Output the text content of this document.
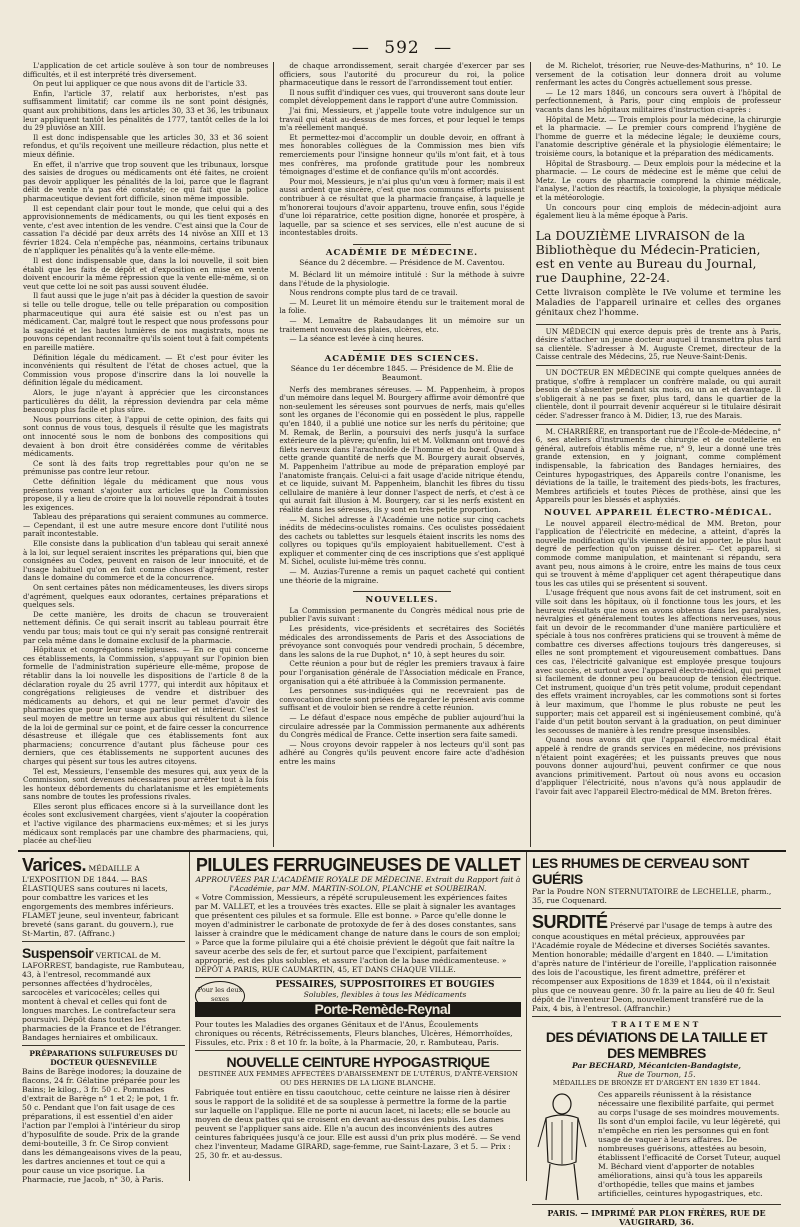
— 592 —

L'application de cet article soulève à son tour de nombreuses difficultés, et il est interprété très diversement.

On peut lui appliquer ce que nous avons dit de l'article 33.

Enfin, l'article 37, relatif aux herboristes, n'est pas suffisamment limitatif; car comme ils ne sont point désignés, quant aux prohibitions, dans les articles 30, 33 et 36, les tribunaux leur appliquent tantôt les pénalités de 1777, tantôt celles de la loi du 29 pluviôse an XIII.

Il est donc indispensable que les articles 30, 33 et 36 soient refondus, et qu'ils reçoivent une meilleure rédaction, plus nette et mieux définie.

En effet, il n'arrive que trop souvent que les tribunaux, lorsque des saisies de drogues ou médicaments ont été faites, ne croient pas devoir appliquer les pénalités de la loi, parce que le flagrant délit de vente n'a pas été constaté; ce qui fait que la police pharmaceutique devient fort difficile, sinon même impossible.

Il est cependant clair pour tout le monde, que celui qui a des approvisionnements de médicaments, ou qui les tient exposés en vente, c'est avec intention de les vendre. C'est ainsi que la Cour de cassation l'a décidé par deux arrêts des 14 nivôse an XIII et 13 février 1824. Cela n'empêche pas, néanmoins, certains tribunaux de n'appliquer les pénalités qu'à la vente elle-même.

Il est donc indispensable que, dans la loi nouvelle, il soit bien établi que les faits de dépôt et d'exposition en mise en vente doivent encourir la même répression que la vente elle-même, si on veut que cette loi ne soit pas aussi souvent éludée.

Il faut aussi que le juge n'ait pas à décider la question de savoir si telle ou telle drogue, telle ou telle préparation ou composition pharmaceutique qui aura été saisie est ou n'est pas un médicament. Car, malgré tout le respect que nous professons pour la sagacité et les hautes lumières de nos magistrats, nous ne pouvons cependant reconnaître qu'ils soient tout à fait compétents en pareille matière.

Définition légale du médicament. — Et c'est pour éviter les inconvénients qui résultent de l'état de choses actuel, que la Commission vous propose d'inscrire dans la loi nouvelle la définition légale du médicament.

Alors, le juge n'ayant à apprécier que les circonstances particulières du délit, la répression deviendra par cela même beaucoup plus facile et plus sûre.

Nous pourrions citer, à l'appui de cette opinion, des faits qui sont connus de vous tous, desquels il résulte que les magistrats ont innocenté sous le nom de bonbons des compositions qui devaient à bon droit être considérées comme de véritables médicaments.

Ce sont là des faits trop regrettables pour qu'on ne se prémunisse pas contre leur retour.

Cette définition légale du médicament que nous vous présentons venant s'ajouter aux articles que la Commission propose, il y a lieu de croire que la loi nouvelle répondrait à toutes les exigences.

Tableau des préparations qui seraient communes au commerce. — Cependant, il est une autre mesure encore dont l'utilité nous paraît incontestable.

Elle consiste dans la publication d'un tableau qui serait annexé à la loi, sur lequel seraient inscrites les préparations qui, bien que consignées au Codex, peuvent en raison de leur innocuité, et de l'usage habituel qu'on en fait comme choses d'agrément, rester dans le domaine du commerce et de la concurrence.

On sent certaines pâtes non médicamenteuses, les divers sirops d'agrément, quelques eaux odorantes, certaines préparations et quelques sels.

De cette manière, les droits de chacun se trouveraient nettement définis. Ce qui serait inscrit au tableau pourrait être vendu par tous; mais tout ce qui n'y serait pas consigné rentrerait par cela même dans le domaine exclusif de la pharmacie.

Hôpitaux et congrégations religieuses. — En ce qui concerne ces établissements, la Commission, s'appuyant sur l'opinion bien formelle de l'administration supérieure elle-même, propose de rétablir dans la loi nouvelle les dispositions de l'article 8 de la déclaration royale du 25 avril 1777, qui interdit aux hôpitaux et congrégations religieuses de vendre et distribuer des médicaments au dehors, et qui ne leur permet d'avoir des pharmacies que pour leur usage particulier et intérieur. C'est le seul moyen de mettre un terme aux abus qui résultent du silence de la loi de germinal sur ce point, et de faire cesser la concurrence désastreuse et illégale que ces établissements font aux pharmaciens; concurrence d'autant plus fâcheuse pour ces derniers, que ces établissements ne supportent aucunes des charges qui pèsent sur tous les autres citoyens.

Tel est, Messieurs, l'ensemble des mesures qui, aux yeux de la Commission, sont devenues nécessaires pour arrêter tout à la fois les honteux débordements du charlatanisme et les empiètements sans nombre de toutes les professions rivales.

Elles seront plus efficaces encore si à la surveillance dont les écoles sont exclusivement chargées, vient s'ajouter la coopération et l'active vigilance des pharmaciens eux-mêmes; et si les jurys médicaux sont remplacés par une chambre des pharmaciens, qui, placée au chef-lieu

de chaque arrondissement, serait chargée d'exercer par ses officiers, sous l'autorité du procureur du roi, la police pharmaceutique dans le ressort de l'arrondissement tout entier.

Il nous suffit d'indiquer ces vues, qui trouveront sans doute leur complet développement dans le rapport d'une autre Commission.

J'ai fini, Messieurs, et j'appelle toute votre indulgence sur un travail qui était au-dessus de mes forces, et pour lequel le temps m'a réellement manqué.

Et permettez-moi d'accomplir un double devoir, en offrant à mes honorables collègues de la Commission mes bien vifs remerciements pour l'insigne honneur qu'ils m'ont fait, et à tous mes confrères, ma profonde gratitude pour les nombreux témoignages d'estime et de confiance qu'ils m'ont accordés.

Pour moi, Messieurs, je n'ai plus qu'un vœu à former; mais il est aussi ardent que sincère, c'est que nos communs efforts puissent contribuer à ce résultat que la pharmacie française, à laquelle je m'honorerai toujours d'avoir appartenu, trouve enfin, sous l'égide d'une loi réparatrice, cette position digne, honorée et prospère, à laquelle, par sa science et ses services, elle n'est aucune de si incontestables droits.

ACADÉMIE DE MÉDECINE.
Séance du 2 décembre. — Présidence de M. Caventou.

M. Béclard lit un mémoire intitulé : Sur la méthode à suivre dans l'étude de la physiologie.

Nous rendrons compte plus tard de ce travail.

— M. Leuret lit un mémoire étendu sur le traitement moral de la folie.

— M. Lemaître de Rabaudanges lit un mémoire sur un traitement nouveau des plaies, ulcères, etc.

— La séance est levée à cinq heures.

ACADÉMIE DES SCIENCES.
Séance du 1er décembre 1845. — Présidence de M. Élie de Beaumont.

Nerfs des membranes séreuses. — M. Pappenheim, à propos d'un mémoire dans lequel M. Bourgery affirme avoir démontré que non-seulement les séreuses sont pourvues de nerfs, mais qu'elles sont les organes de l'économie qui en possèdent le plus, rappelle qu'en 1840, il a publié une notice sur les nerfs du péritoine; que M. Remak, de Berlin, a poursuivi des nerfs jusqu'à la surface extérieure de la plèvre; qu'enfin, lui et M. Volkmann ont trouvé des filets nerveux dans l'arachnoïde de l'homme et du bœuf. Quand à cette grande quantité de nerfs que M. Bourgery aurait observés, M. Pappenheim l'attribue au mode de préparation employé par l'anatomiste français. Celui-ci a fait usage d'acide nitrique étendu, et ce liquide, suivant M. Pappenheim, blanchit les fibres du tissu cellulaire de manière à leur donner l'aspect de nerfs, et c'est à ce qui aurait fait illusion à M. Bourgery, car si les nerfs existent en réalité dans les séreuses, ils y sont en très petite proportion.

— M. Sichel adresse à l'Académie une notice sur cinq cachets inédits de médecins-oculistes romains. Ces oculistes possédaient des cachets ou tablettes sur lesquels étaient inscrits les noms des collyres ou topiques qu'ils employaient habituellement. C'est à expliquer et commenter cinq de ces inscriptions que s'est appliqué M. Sichel, oculiste lui-même très connu.

— M. Auzias-Turenne a remis un paquet cacheté qui contient une théorie de la migraine.

NOUVELLES.

La Commission permanente du Congrès médical nous prie de publier l'avis suivant :

Les présidents, vice-présidents et secrétaires des Sociétés médicales des arrondissements de Paris et des Associations de prévoyance sont convoqués pour vendredi prochain, 5 décembre, dans les salons de la rue Duphot, n° 10, à sept heures du soir.

Cette réunion a pour but de régler les premiers travaux à faire pour l'organisation générale de l'Association médicale en France, organisation qui a été attribuée à la Commission permanente.

Les personnes sus-indiquées qui ne recevraient pas de convocation directe sont priées de regarder le présent avis comme suffisant et de vouloir bien se rendre à cette réunion.

— Le défaut d'espace nous empêche de publier aujourd'hui la circulaire adressée par la Commission permanente aux adhérents du Congrès médical de France. Cette insertion sera faite samedi.

— Nous croyons devoir rappeler à nos lecteurs qu'il sont pas adhéré au Congrès qu'ils peuvent encore faire acte d'adhésion entre les mains

de M. Richelot, trésorier, rue Neuve-des-Mathurins, n° 10. Le versement de la cotisation leur donnera droit au volume renfermant les actes du Congrès actuellement sous presse.

— Le 12 mars 1846, un concours sera ouvert à l'hôpital de perfectionnement, à Paris, pour cinq emplois de professeur vacants dans les hôpitaux militaires d'instruction ci-après :

Hôpital de Metz. — Trois emplois pour la médecine, la chirurgie et la pharmacie. — Le premier cours comprend l'hygiène de l'homme de guerre et la médecine légale; le deuxième cours, l'anatomie descriptive générale et la physiologie élémentaire; le troisième cours, la botanique et la préparation des médicaments.

Hôpital de Strasbourg. — Deux emplois pour la médecine et la pharmacie. — Le cours de médecine est le même que celui de Metz. Le cours de pharmacie comprend la chimie médicale, l'analyse, l'action des réactifs, la toxicologie, la physique médicale et la météorologie.

Un concours pour cinq emplois de médecin-adjoint aura également lieu à la même époque à Paris.

La DOUZIÈME LIVRAISON de la Bibliothèque du Médecin-Praticien, est en vente au Bureau du Journal, rue Dauphine, 22-24.
Cette livraison complète le IVe volume et termine les Maladies de l'appareil urinaire et celles des organes génitaux chez l'homme.

UN MÉDECIN qui exerce depuis près de trente ans à Paris, désire s'attacher un jeune docteur auquel il transmettra plus tard sa clientèle. S'adresser à M. Auguste Cremet, directeur de la Caisse centrale des Médecins, 25, rue Neuve-Saint-Denis.

UN DOCTEUR EN MÉDECINE qui compte quelques années de pratique, s'offre à remplacer un confrère malade, ou qui aurait besoin de s'absenter pendant six mois, ou un an et davantage. Il s'obligerait à ne pas se fixer, plus tard, dans le quartier de la clientèle, dont il pourrait devenir acquéreur si le titulaire désirait céder. S'adresser franco à M. Didier, 13, rue des Marais.

M. CHARRIÈRE, en transportant rue de l'École-de-Médecine, n° 6, ses ateliers d'instruments de chirurgie et de coutellerie en général, autrefois établis même rue, n° 9, leur a donné une très grande extension, en y joignant, comme complément indispensable, la fabrication des Bandages herniaires, des Ceintures hypogastriques, des Appareils contre l'onanisme, les déviations de la taille, le traitement des pieds-bots, les fractures, Membres artificiels et toutes Pièces de prothèse, ainsi que les Appareils pour les blessés et asphyxiés.

NOUVEL APPAREIL ÉLECTRO-MÉDICAL.

Le nouvel appareil électro-médical de MM. Breton, pour l'application de l'électricité en médecine, a atteint, d'après la nouvelle modification qu'ils viennent de lui apporter, le plus haut degré de perfection qu'on puisse désirer. — Cet appareil, si commode comme manipulation, et maintenant si répandu, sera avant peu, nous aimons à le croire, entre les mains de tous ceux qui se trouvent à même d'appliquer cet agent thérapeutique dans tous les cas utiles qui se présentent si souvent.

L'usage fréquent que nous avons fait de cet instrument, soit en ville soit dans les hôpitaux, où il fonctionne tous les jours, et les heureux résultats que nous en avons obtenus dans les paralysies, névralgies et généralement toutes les affections nerveuses, nous fait un devoir de le recommander d'une manière particulière et spéciale à tous nos confrères praticiens qui se trouvent à même de combattre ces diverses affections toujours très dangereuses, si elles ne sont promptement et vigoureusement combattues. Dans ces cas, l'électricité galvanique est employée presque toujours avec succès, et surtout avec l'appareil électro-médical, qui permet si facilement de donner peu ou beaucoup de tension électrique. Cet instrument, quoique d'un très petit volume, produit cependant des effets vraiment incroyables, car les commotions sont si fortes à leur maximum, que l'homme le plus robuste ne peut les supporter; mais cet appareil est si ingénieusement combiné, qu'à l'aide d'un petit bouton servant à la graduation, on peut diminuer les secousses de manière à les rendre presque insensibles.

Quand nous avons dit que l'appareil électro-médical était appelé à rendre de grands services en médecine, nos prévisions n'étaient point exagérées; et les puissants preuves que nous pouvons donner aujourd'hui, peuvent confirmer ce que nous avancions primitivement. Partout où nous avons eu occasion d'appliquer l'électricité, nous n'avons qu'à nous applaudir de l'avoir fait avec l'appareil Electro-médical de MM. Breton frères.

Varices. MÉDAILLE A L'EXPOSITION DE 1844. — BAS ÉLASTIQUES sans coutures ni lacets, pour combattre les varices et les engorgements des membres inférieurs. FLAMET jeune, seul inventeur, fabricant breveté (sans garant. du gouvern.), rue St-Martin, 87. (Affranc.)
Suspensoir VERTICAL de M. LAFORREST, bandagiste, rue Rambuteau, 43, à l'entresol, recommandé aux personnes affectées d'hydrocèles, sarcocèles et varicocèles; celles qui montent à cheval et celles qui font de longues marches. Le contrefacteur sera poursuivi. Dépôt dans toutes les pharmacies de la France et de l'étranger. Bandages herniaires et ombilicaux.
PRÉPARATIONS SULFUREUSES DU DOCTEUR QUESNEVILLE
Bains de Barège inodores; la douzaine de flacons, 24 fr. Gélatine préparée pour les Bains; le kilog., 3 fr. 50 c. Pommades d'extrait de Barège n° 1 et 2; le pot, 1 fr. 50 c. Pendant que l'on fait usage de ces préparations, il est essentiel d'en aider l'action par l'emploi à l'intérieur du sirop d'hyposulfite de soude. Prix de la grande demi-bouteille, 3 fr. Ce Sirop convient dans les démangeaisons vives de la peau, les dartres anciennes et tout ce qui a pour cause un vice psorique. La Pharmacie, rue Jacob, n° 30, à Paris.
PILULES FERRUGINEUSES DE VALLET
APPROUVÉES PAR L'ACADÉMIE ROYALE DE MÉDECINE. Extrait du Rapport fait à l'Académie, par MM. MARTIN-SOLON, PLANCHE et SOUBEIRAN.
« Votre Commission, Messieurs, a répété scrupuleusement les expériences faites par M. VALLET, et les a trouvées très exactes. Elle se plait à signaler les avantages que présentent ces pilules et sa formule. Elle est bonne. » Parce qu'elle donne le moyen d'administrer le carbonate de protoxyde de fer à des doses constantes, sans laisser à craindre que le médicament change de nature dans le cours de son emploi; » Parce que la forme pilulaire qui a été choisie prévient le dégoût que fait naître la saveur acerbe des sels de fer, et surtout parce que l'excipient, parfaitement approprié, est des plus solubles, et assure l'action de la base médicamenteuse. » DÉPÔT A PARIS, RUE CAUMARTIN, 45, ET DANS CHAQUE VILLE.
Pour les deux sexes
PESSAIRES, SUPPOSITOIRES ET BOUGIES
Solubles, flexibles à tous les Médicaments
Porte-Remède-Reynal
Pour toutes les Maladies des organes Génitaux et de l'Anus, Écoulements chroniques ou récents, Rétrécissements, Fleurs blanches, Ulcères, Hémorrhoïdes, Fissules, etc. Prix : 8 et 10 fr. la boîte, à la Pharmacie, 20, r. Rambuteau, Paris.
NOUVELLE CEINTURE HYPOGASTRIQUE
DESTINÉE AUX FEMMES AFFECTÉES D'ABAISSEMENT DE L'UTÉRUS, D'ANTÉ-VERSION OU DES HERNIES DE LA LIGNE BLANCHE.
Fabriquée tout entière en tissu caoutchouc, cette ceinture ne laisse rien à désirer sous le rapport de la solidité et de sa souplesse à permettre la forme de la partie sur laquelle on l'applique. Elle ne porte ni aucun lacet, ni lacets; elle se boucle au moyen de deux pattes qui se croisent en devant au-dessus des pubis. Les dames peuvent se l'appliquer sans aide. Elle n'a aucun des inconvénients des autres ceintures fabriquées jusqu'à ce jour. Elle est aussi d'un prix plus modéré. — Se vend chez l'inventeur, Madame GIRARD, sage-femme, rue Saint-Lazare, 3 et 5. — Prix : 25, 30 fr. et au-dessus.
LES RHUMES DE CERVEAU SONT GUÉRIS
Par la Poudre NON STERNUTATOIRE de LECHELLE, pharm., 35, rue Coquenard.
SURDITÉ Préservé par l'usage de temps à autre des conque acoustiques en métal précieux, approuvées par l'Académie royale de Médecine et diverses Sociétés savantes. Mention honorable; médaille d'argent en 1840. — L'imitation d'après nature de l'intérieur de l'oreille, l'application raisonnée des lois de l'acoustique, les firent admettre, préférer et récompenser aux Expositions de 1839 et 1844, où il n'existait plus que ce nouveau genre. 30 fr. la paire au lieu de 40 fr. Seul dépôt de l'inventeur Deon, nouvellement transféré rue de la Paix, 4 bis, à l'entresol. (Affranchir.)
TRAITEMENT
DES DÉVIATIONS DE LA TAILLE ET DES MEMBRES
Par BECHARD, Mécanicien-Bandagiste,
Rue de Tournon, 15.
MÉDAILLES DE BRONZE ET D'ARGENT EN 1839 ET 1844.
Ces appareils réunissent à la résistance nécessaire une flexibilité parfaite, qui permet au corps l'usage de ses moindres mouvements. Ils sont d'un emploi facile, vu leur légèreté, qui n'empêche en rien les personnes qui en font usage de vaquer à leurs affaires. De nombreuses guérisons, attestées au besoin, établissent l'efficacité de Corset Tuteur, auquel M. Béchard vient d'apporter de notables améliorations, ainsi qu'à tous les appareils d'orthopédie, telles que mains et jambes artificielles, ceintures hypogastriques, etc.
PARIS. — IMPRIMÉ PAR PLON FRÈRES, RUE DE VAUGIRARD, 36.
